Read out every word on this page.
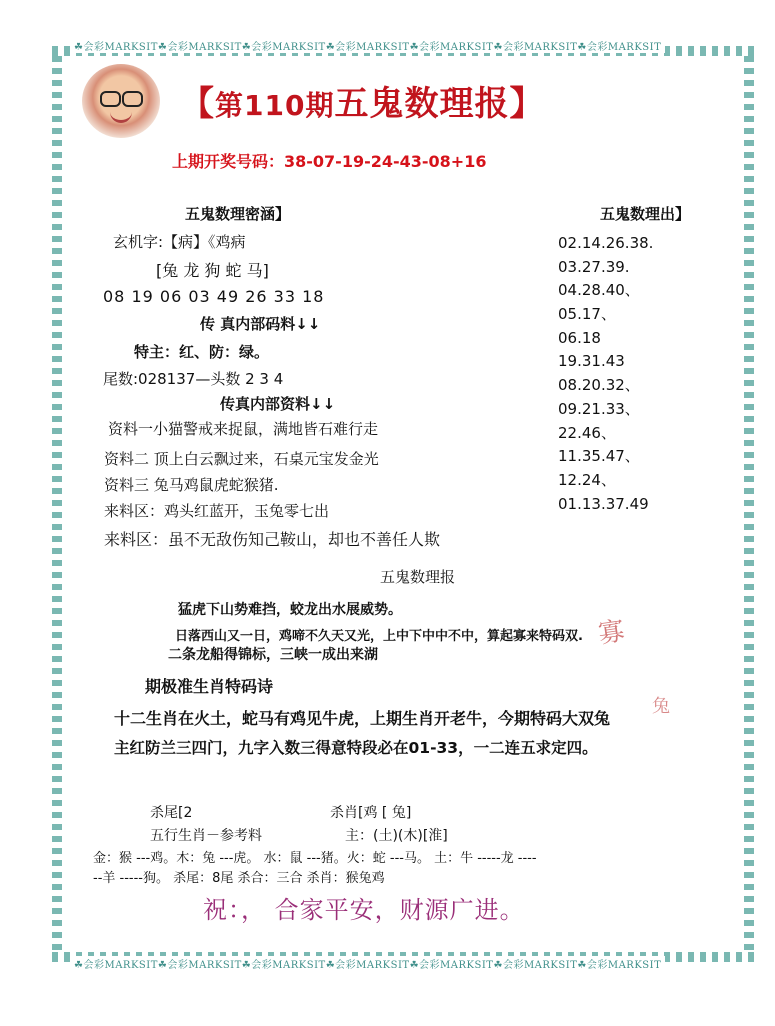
☘会彩MARKSIT☘会彩MARKSIT☘会彩MARKSIT☘会彩MARKSIT☘会彩MARKSIT☘会彩MARKSIT☘会彩MARKSIT
☘会彩MARKSIT☘会彩MARKSIT☘会彩MARKSIT☘会彩MARKSIT☘会彩MARKSIT☘会彩MARKSIT☘会彩MARKSIT
【第110期五鬼数理报】
上期开奖号码：38-07-19-24-43-08+16
五鬼数理密涵】
玄机字:【病】《鸡病
[兔 龙 狗 蛇 马]
08 19 06 03 49 26 33 18
传 真内部码料↓↓
特主：红、防：绿。
尾数:028137—头数 2 3 4
传真内部资料↓↓
资料一小猫警戒来捉鼠，满地皆石难行走
资料二 顶上白云飘过来，石桌元宝发金光
资料三 兔马鸡鼠虎蛇猴猪.
来料区：鸡头红蓝开，玉兔零七出
来料区：虽不无敌伤知己鞍山，却也不善任人欺
五鬼数理出】
02.14.26.38.
03.27.39.
04.28.40、
05.17、
06.18
19.31.43
08.20.32、
09.21.33、
22.46、
11.35.47、
12.24、
01.13.37.49
五鬼数理报
猛虎下山势难挡，蛟龙出水展威势。
日落西山又一日，鸡啼不久天又光，上中下中中不中，算起寡来特码双.
二条龙船得锦标，三峡一成出来湖
寡
期极准生肖特码诗
十二生肖在火土，蛇马有鸡见牛虎，上期生肖开老牛，今期特码大双兔
主红防兰三四门，九字入数三得意特段必在01-33，一二连五求定四。
兔
杀尾[2	杀肖[鸡 [ 兔]
五行生肖－参考料	主：(土)(木)[淮]
金：猴 ---鸡。木：兔 ---虎。 水：鼠 ---猪。火：蛇 ---马。 土：牛 -----龙 ----
--羊 -----狗。 杀尾：8尾 杀合：三合 杀肖：猴兔鸡
祝：， 合家平安，财源广进。
